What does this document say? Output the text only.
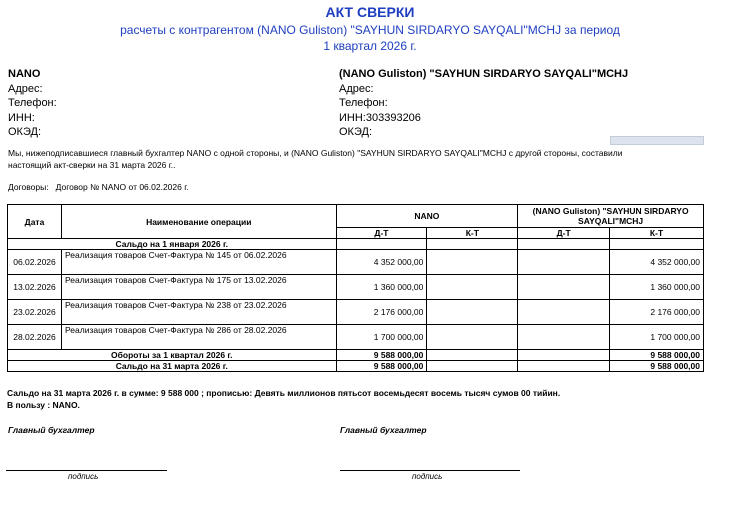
АКТ СВЕРКИ
расчеты с контрагентом (NANO Guliston) "SAYHUN SIRDARYO SAYQALI"MCHJ за период
1 квартал 2026 г.
NANO
Адрес:
Телефон:
ИНН:
ОКЭД:
(NANO Guliston) "SAYHUN SIRDARYO SAYQALI"MCHJ
Адрес:
Телефон:
ИНН:303393206
ОКЭД:
Мы, нижеподписавшиеся главный бухгалтер NANO с одной стороны, и (NANO Guliston) "SAYHUN SIRDARYO SAYQALI"MCHJ с другой стороны, составили
настоящий акт-сверки на 31 марта 2026 г..
Договоры: Договор № NANO от 06.02.2026 г.
Дата	Наименование операции	NANO		(NANO Guliston) "SAYHUN SIRDARYO SAYQALI"MCHJ	
		Д-Т	К-Т	Д-Т	К-Т
Сальдо на 1 января 2026 г.					
06.02.2026	Реализация товаров Счет-Фактура № 145 от 06.02.2026	4 352 000,00			4 352 000,00
13.02.2026	Реализация товаров Счет-Фактура № 175 от 13.02.2026	1 360 000,00			1 360 000,00
23.02.2026	Реализация товаров Счет-Фактура № 238 от 23.02.2026	2 176 000,00			2 176 000,00
28.02.2026	Реализация товаров Счет-Фактура № 286 от 28.02.2026	1 700 000,00			1 700 000,00
Обороты за 1 квартал 2026 г.		9 588 000,00			9 588 000,00
Сальдо на 31 марта 2026 г.		9 588 000,00			9 588 000,00
Сальдо на 31 марта 2026 г. в сумме: 9 588 000 ; прописью: Девять миллионов пятьсот восемьдесят восемь тысяч сумов 00 тийин.
В пользу : NANO.
Главный бухгалтер	Главный бухгалтер
подпись	подпись
